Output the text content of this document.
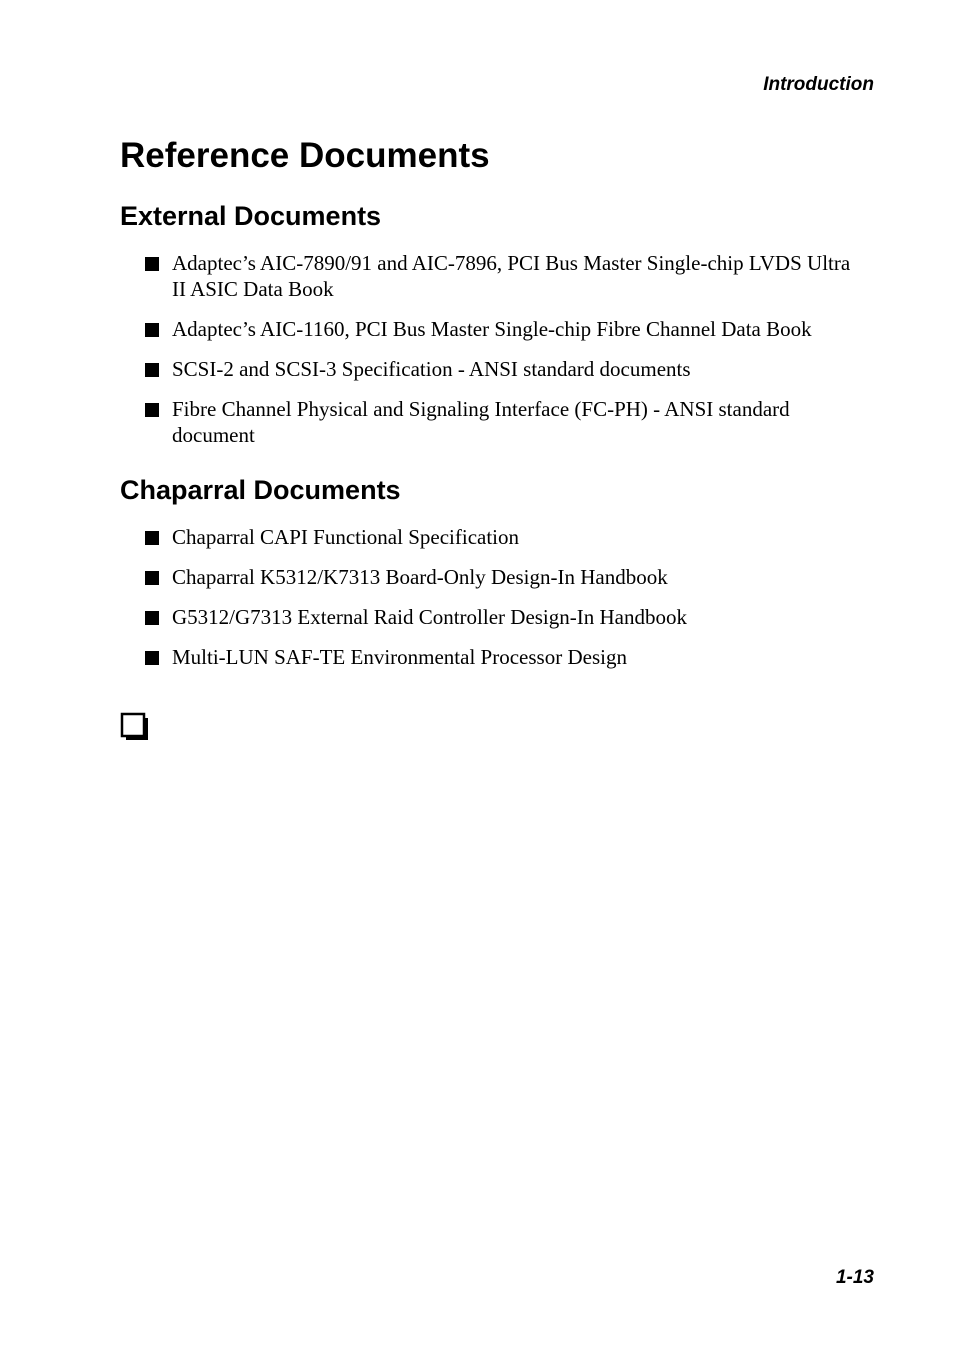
Introduction
Reference Documents
External Documents
Adaptec’s AIC-7890/91 and AIC-7896, PCI Bus Master Single-chip LVDS Ultra II ASIC Data Book
Adaptec’s AIC-1160, PCI Bus Master Single-chip Fibre Channel Data Book
SCSI-2 and SCSI-3 Specification - ANSI standard documents
Fibre Channel Physical and Signaling Interface (FC-PH) - ANSI standard document
Chaparral Documents
Chaparral CAPI Functional Specification
Chaparral K5312/K7313 Board-Only Design-In Handbook
G5312/G7313 External Raid Controller Design-In Handbook
Multi-LUN SAF-TE Environmental Processor Design
1-13
